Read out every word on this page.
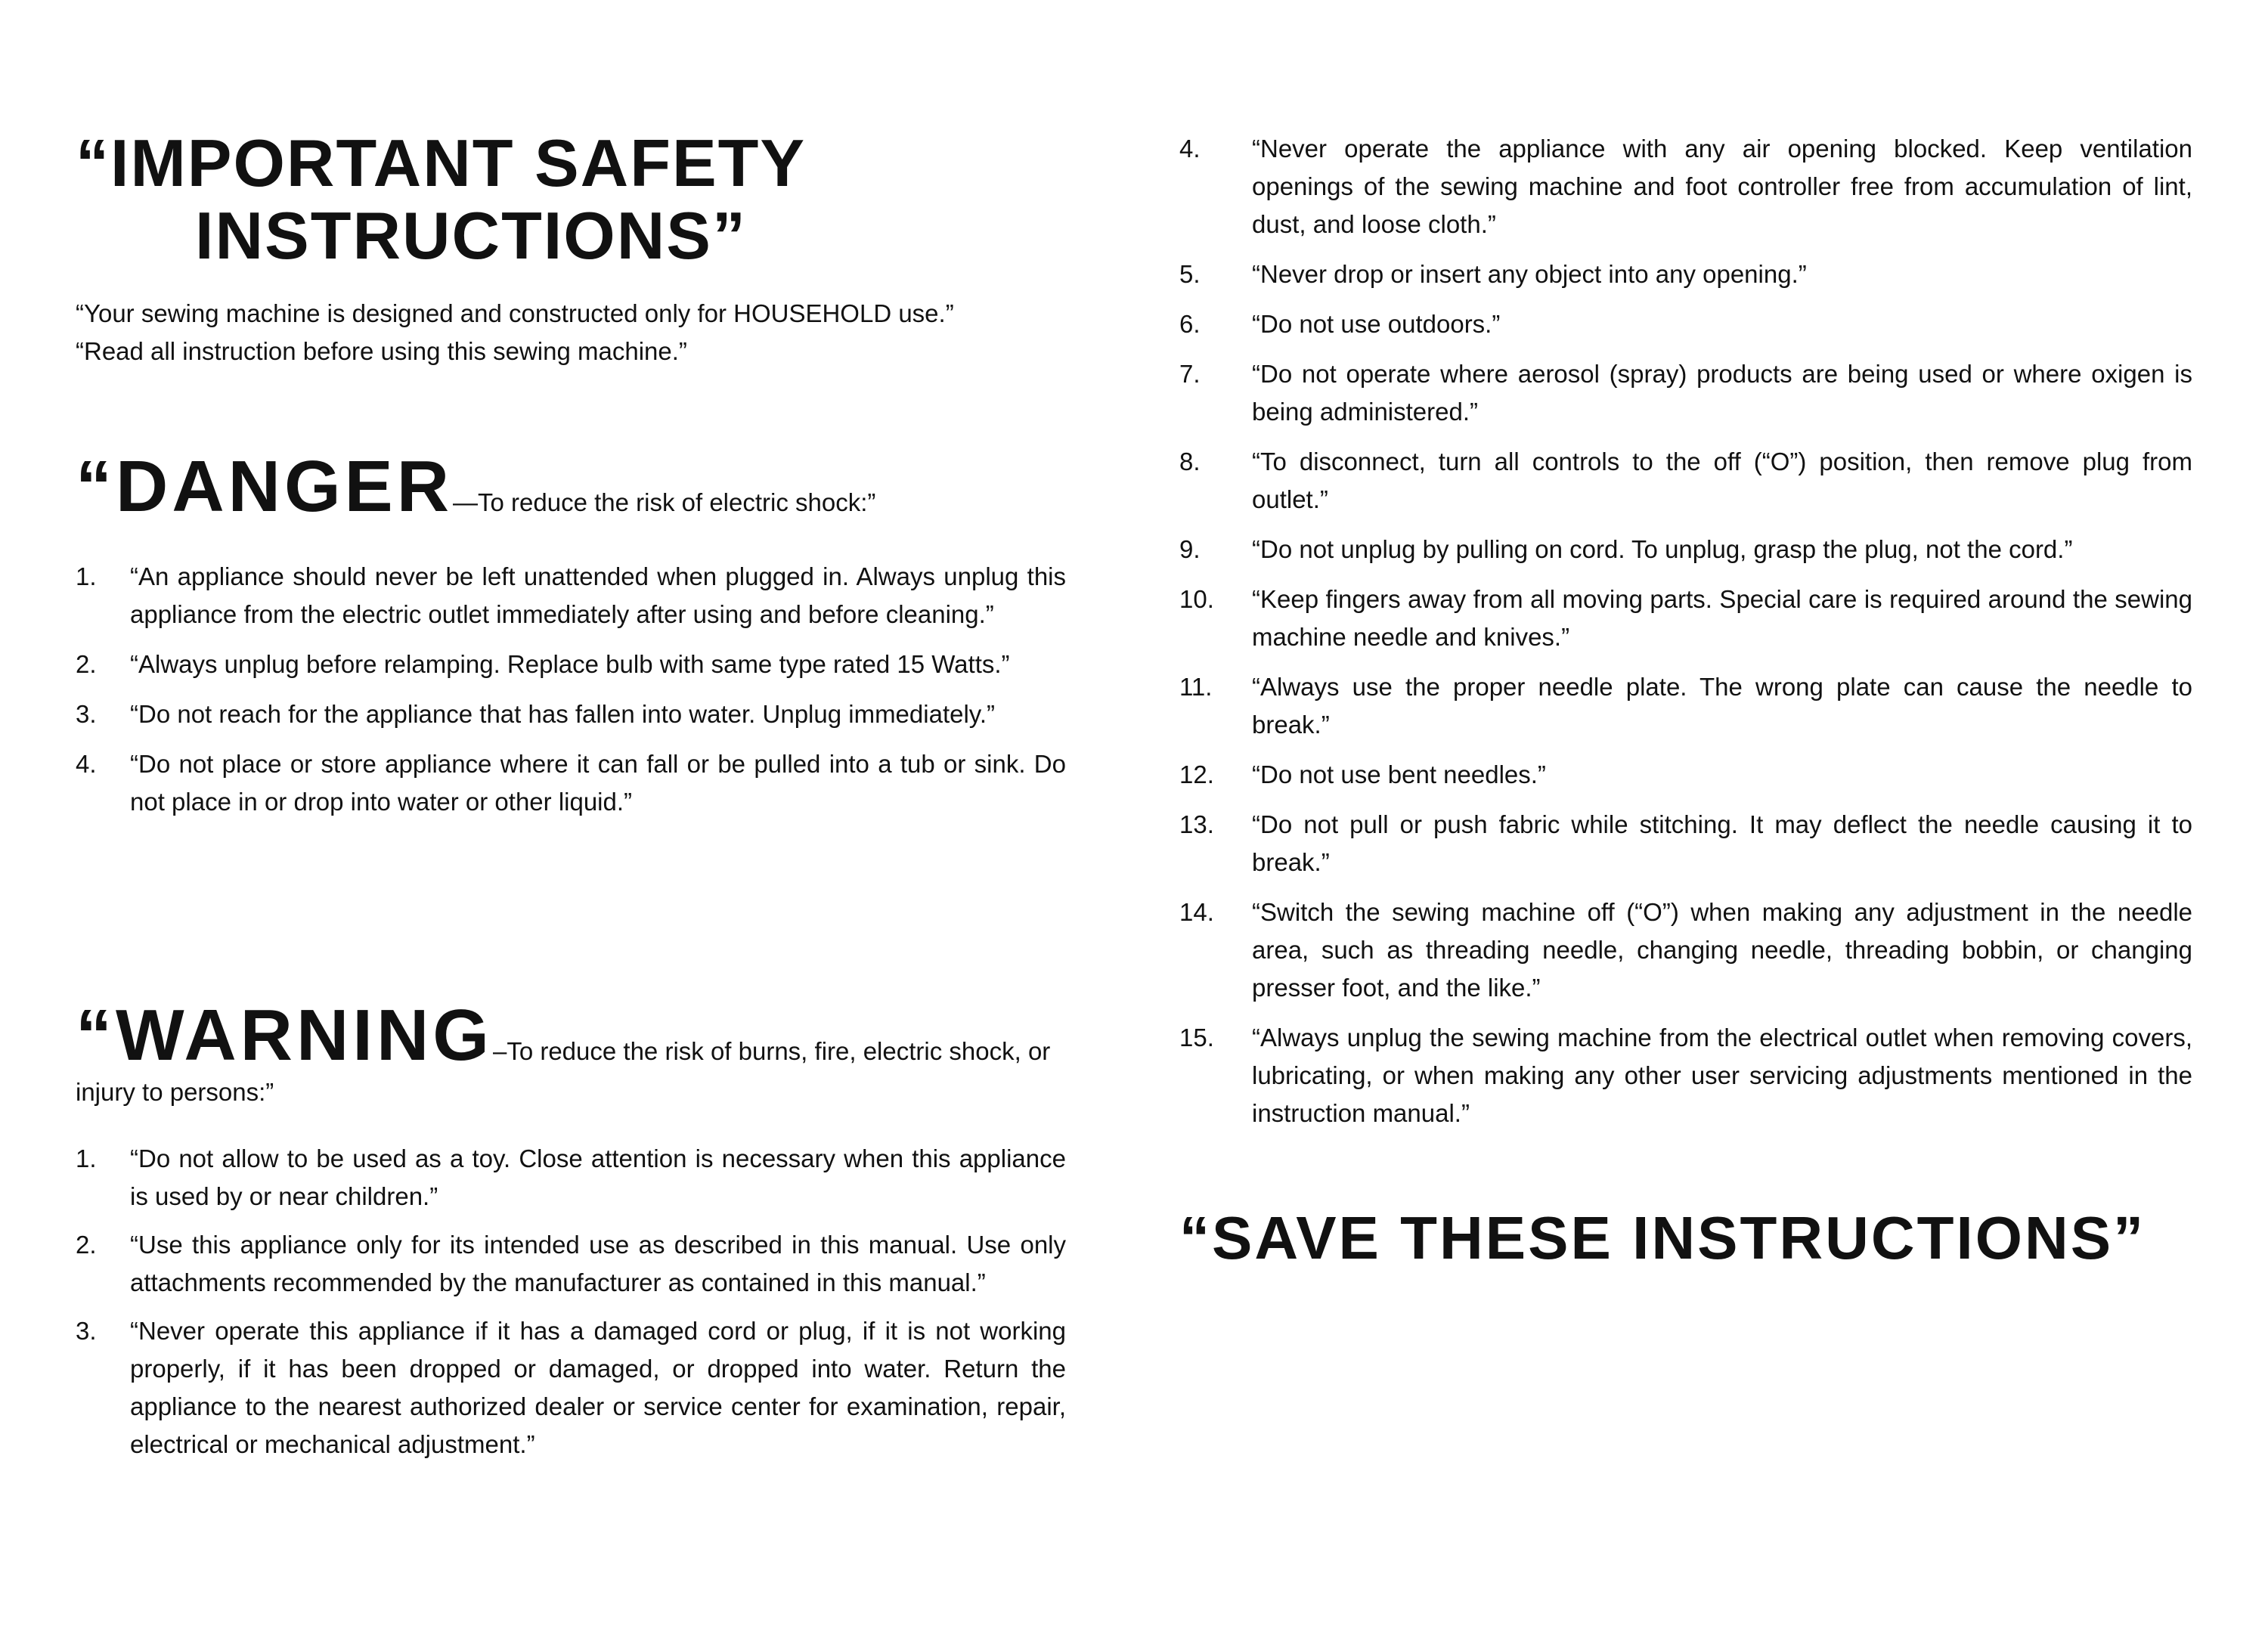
“IMPORTANT SAFETY
INSTRUCTIONS”

“Your sewing machine is designed and constructed only for HOUSEHOLD use.”

“Read all instruction before using this sewing machine.”

“DANGER—To reduce the risk of electric shock:”
1.	“An appliance should never be left unattended when plugged in. Always unplug this appliance from the electric outlet immediately after using and before cleaning.”
2.	“Always unplug before relamping. Replace bulb with same type rated 15 Watts.”
3.	“Do not reach for the appliance that has fallen into water. Unplug immediately.”
4.	“Do not place or store appliance where it can fall or be pulled into a tub or sink. Do not place in or drop into water or other liquid.”
“WARNING–To reduce the risk of burns, fire, electric shock, or injury to persons:”
1.	“Do not allow to be used as a toy. Close attention is necessary when this appliance is used by or near children.”
2.	“Use this appliance only for its intended use as described in this manual. Use only attachments recommended by the manufacturer as contained in this manual.”
3.	“Never operate this appliance if it has a damaged cord or plug, if it is not working properly, if it has been dropped or damaged, or dropped into water. Return the appliance to the nearest authorized dealer or service center for examination, repair, electrical or mechanical adjustment.”
4.	“Never operate the appliance with any air opening blocked. Keep ventilation openings of the sewing machine and foot controller free from accumulation of lint, dust, and loose cloth.”
5.	“Never drop or insert any object into any opening.”
6.	“Do not use outdoors.”
7.	“Do not operate where aerosol (spray) products are being used or where oxigen is being administered.”
8.	“To disconnect, turn all controls to the off (“O”) position, then remove plug from outlet.”
9.	“Do not unplug by pulling on cord. To unplug, grasp the plug, not the cord.”
10.	“Keep fingers away from all moving parts. Special care is required around the sewing machine needle and knives.”
11.	“Always use the proper needle plate. The wrong plate can cause the needle to break.”
12.	“Do not use bent needles.”
13.	“Do not pull or push fabric while stitching. It may deflect the needle causing it to break.”
14.	“Switch the sewing machine off (“O”) when making any adjustment in the needle area, such as threading needle, changing needle, threading bobbin, or changing presser foot, and the like.”
15.	“Always unplug the sewing machine from the electrical outlet when removing covers, lubricating, or when making any other user servicing adjustments mentioned in the instruction manual.”
“SAVE THESE INSTRUCTIONS”
